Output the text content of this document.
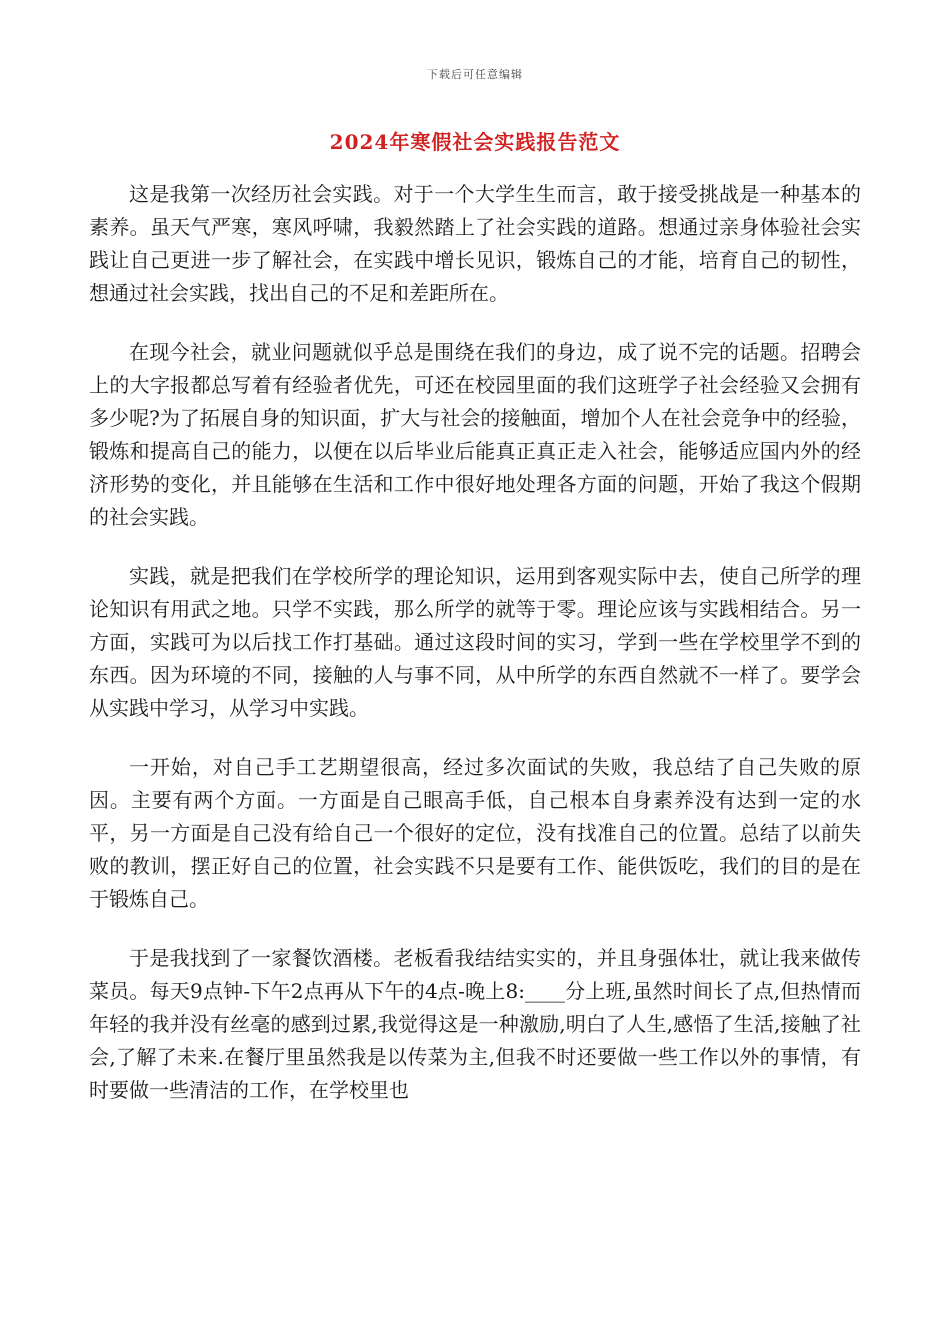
下载后可任意编辑
2024年寒假社会实践报告范文

这是我第一次经历社会实践。对于一个大学生生而言，敢于接受挑战是一种基本的素养。虽天气严寒，寒风呼啸，我毅然踏上了社会实践的道路。想通过亲身体验社会实践让自己更进一步了解社会，在实践中增长见识，锻炼自己的才能，培育自己的韧性，想通过社会实践，找出自己的不足和差距所在。

在现今社会，就业问题就似乎总是围绕在我们的身边，成了说不完的话题。招聘会上的大字报都总写着有经验者优先，可还在校园里面的我们这班学子社会经验又会拥有多少呢?为了拓展自身的知识面，扩大与社会的接触面，增加个人在社会竞争中的经验，锻炼和提高自己的能力，以便在以后毕业后能真正真正走入社会，能够适应国内外的经济形势的变化，并且能够在生活和工作中很好地处理各方面的问题，开始了我这个假期的社会实践。

实践，就是把我们在学校所学的理论知识，运用到客观实际中去，使自己所学的理论知识有用武之地。只学不实践，那么所学的就等于零。理论应该与实践相结合。另一方面，实践可为以后找工作打基础。通过这段时间的实习，学到一些在学校里学不到的东西。因为环境的不同，接触的人与事不同，从中所学的东西自然就不一样了。要学会从实践中学习，从学习中实践。

一开始，对自己手工艺期望很高，经过多次面试的失败，我总结了自己失败的原因。主要有两个方面。一方面是自己眼高手低，自己根本自身素养没有达到一定的水平，另一方面是自己没有给自己一个很好的定位，没有找准自己的位置。总结了以前失败的教训，摆正好自己的位置，社会实践不只是要有工作、能供饭吃，我们的目的是在于锻炼自己。

于是我找到了一家餐饮酒楼。老板看我结结实实的，并且身强体壮，就让我来做传菜员。每天9点钟-下午2点再从下午的4点-晚上8:____分上班,虽然时间长了点,但热情而年轻的我并没有丝毫的感到过累,我觉得这是一种激励,明白了人生,感悟了生活,接触了社会,了解了未来.在餐厅里虽然我是以传菜为主,但我不时还要做一些工作以外的事情，有时要做一些清洁的工作，在学校里也
